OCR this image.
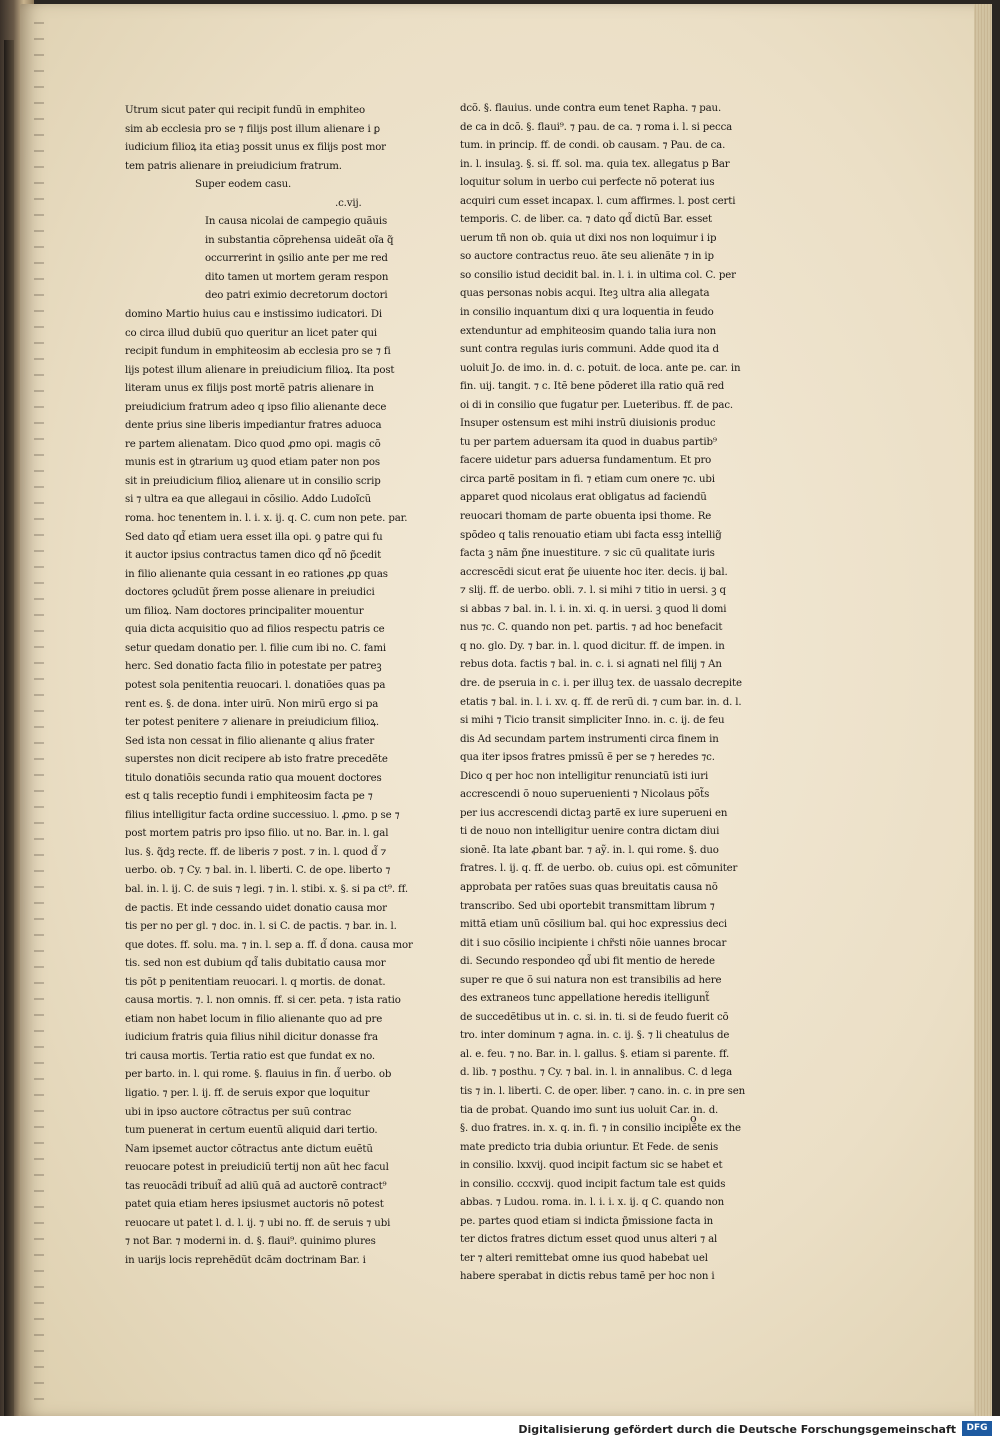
Utrum sicut pater qui recipit fundũ in emphiteo
sim ab ecclesia pro se ⁊ filijs post illum alienare i ꝑ
iudicium filioꝝ ita etiaꝫ possit unus ex filijs post mor
tem patris alienare in preiudicium fratrum.
Super eodem casu.
.c.vij.
In causa nicolai de campegio quãuis
in substantia cõprehensa uideãt oĩa q̃
occurrerint in ꝯsilio ante per me red
dito tamen ut mortem geram respon
deo patri eximio decretorum doctori
domino Martio huius cau e instissimo iudicatori. Di
co circa illud dubiũ quo queritur an licet pater qui
recipit fundum in emphiteosim ab ecclesia pro se ⁊ fi
lijs potest illum alienare in preiudicium filioꝝ. Ita post
literam unus ex filijs post mortẽ patris alienare in
preiudicium fratrum adeo q ipso filio alienante dece
dente prius sine liberis impediantur fratres aduoca
re partem alienatam. Dico quod ꝓmo opi. magis cõ
munis est in ꝯtrarium uꝫ quod etiam pater non pos
sit in preiudicium filioꝝ alienare ut in consilio scrip
si ⁊ ultra ea que allegaui in cõsilio. Addo Ludoĩcũ
roma. hoc tenentem in. l. i. x. ij. q. C. cum non pete. par.
Sed dato qd̃ etiam uera esset illa opi. ꝯ patre qui fu
it auctor ipsius contractus tamen dico qd̃ nõ p̃cedit
in filio alienante quia cessant in eo rationes ꝓp quas
doctores ꝯcludũt p̃rem posse alienare in preiudici
um filioꝝ. Nam doctores principaliter mouentur
quia dicta acquisitio quo ad filios respectu patris ce
setur quedam donatio per. l. filie cum ibi no. C. fami
herc. Sed donatio facta filio in potestate per patreꝫ
potest sola penitentia reuocari. l. donatiões quas pa
rent es. §. de dona. inter uirũ. Non mirũ ergo si pa
ter potest penitere ⁊ alienare in preiudicium filioꝝ.
Sed ista non cessat in filio alienante q alius frater
superstes non dicit recipere ab isto fratre precedẽte
titulo donatiõis secunda ratio qua mouent doctores
est q talis receptio fundi i emphiteosim facta pe ⁊
filius intelligitur facta ordine successiuo. l. ꝓmo. p se ⁊
post mortem patris pro ipso filio. ut no. Bar. in. l. gal
lus. §. q̃dꝫ recte. ff. de liberis ⁊ post. ⁊ in. l. quod d̃ ⁊
uerbo. ob. ⁊ Cy. ⁊ bal. in. l. liberti. C. de ope. liberto ⁊
bal. in. l. ij. C. de suis ⁊ legi. ⁊ in. l. stibi. x. §. si pa ct⁹. ff.
de pactis. Et inde cessando uidet donatio causa mor
tis per no per gl. ⁊ doc. in. l. si C. de pactis. ⁊ bar. in. l.
que dotes. ff. solu. ma. ⁊ in. l. sep a. ff. d̃ dona. causa mor
tis. sed non est dubium qd̃ talis dubitatio causa mor
tis põt p penitentiam reuocari. l. q mortis. de donat.
causa mortis. ⁊. l. non omnis. ff. si cer. peta. ⁊ ista ratio
etiam non habet locum in filio alienante quo ad pre
iudicium fratris quia filius nihil dicitur donasse fra
tri causa mortis. Tertia ratio est que fundat ex no.
per barto. in. l. qui rome. §. flauius in fin. d̃ uerbo. ob
ligatio. ⁊ per. l. ij. ff. de seruis expor que loquitur
ubi in ipso auctore cõtractus per suũ contrac
tum puenerat in certum euentũ aliquid dari tertio.
Nam ipsemet auctor cõtractus ante dictum euẽtũ
reuocare potest in preiudiciũ tertij non aũt hec facul
tas reuocãdi tribuit̃ ad aliũ quã ad auctorẽ contract⁹
patet quia etiam heres ipsiusmet auctoris nõ potest
reuocare ut patet l. d. l. ij. ⁊ ubi no. ff. de seruis ⁊ ubi
⁊ not Bar. ⁊ moderni in. d. §. flaui⁹. quinimo plures
in uarijs locis reprehẽdũt dcãm doctrinam Bar. i
dcõ. §. flauius. unde contra eum tenet Rapha. ⁊ pau.
de ca in dcõ. §. flaui⁹. ⁊ pau. de ca. ⁊ roma i. l. si pecca
tum. in princip. ff. de condi. ob causam. ⁊ Pau. de ca.
in. l. insulaꝫ. §. si. ff. sol. ma. quia tex. allegatus p Bar
loquitur solum in uerbo cui perfecte nõ poterat ius
acquiri cum esset incapax. l. cum affirmes. l. post certi
temporis. C. de liber. ca. ⁊ dato qd̃ dictũ Bar. esset
uerum tñ non ob. quia ut dixi nos non loquimur i ip
so auctore contractus reuo. ãte seu alienãte ⁊ in ip
so consilio istud decidit bal. in. l. i. in ultima col. C. per
quas personas nobis acqui. Iteꝫ ultra alia allegata
in consilio inquantum dixi q ura loquentia in feudo
extenduntur ad emphiteosim quando talia iura non
sunt contra regulas iuris communi. Adde quod ita d
uoluit Jo. de imo. in. d. c. potuit. de loca. ante pe. car. in
fin. uij. tangit. ⁊ c. Itẽ bene põderet illa ratio quã red
oi di in consilio que fugatur per. Lueteribus. ff. de pac.
Insuper ostensum est mihi instrũ diuisionis produc
tu per partem aduersam ita quod in duabus partib⁹
facere uidetur pars aduersa fundamentum. Et pro
circa partẽ positam in fi. ⁊ etiam cum onere ⁊c. ubi
apparet quod nicolaus erat obligatus ad faciendũ
reuocari thomam de parte obuenta ipsi thome. Re
spõdeo q talis renouatio etiam ubi facta essꝫ intellig̃
facta ꝫ nãm p̃ne inuestiture. ⁊ sic cũ qualitate iuris
accrescẽdi sicut erat p̃e uiuente hoc iter. decis. ij bal.
⁊ slij. ff. de uerbo. obli. ⁊. l. si mihi ⁊ titio in uersi. ꝫ q
si abbas ⁊ bal. in. l. i. in. xi. q. in uersi. ꝫ quod li domi
nus ⁊c. C. quando non pet. partis. ⁊ ad hoc benefacit
q no. glo. Dy. ⁊ bar. in. l. quod dicitur. ff. de impen. in
rebus dota. factis ⁊ bal. in. c. i. si agnati nel filij ⁊ An
dre. de pseruia in c. i. per illuꝫ tex. de uassalo decrepite
etatis ⁊ bal. in. l. i. xv. q. ff. de rerũ di. ⁊ cum bar. in. d. l.
si mihi ⁊ Ticio transit simpliciter Inno. in. c. ij. de feu
dis Ad secundam partem instrumenti circa finem in
qua iter ipsos fratres pmissũ ẽ per se ⁊ heredes ⁊c.
Dico q per hoc non intelligitur renunciatũ isti iuri
accrescendi õ nouo superuenienti ⁊ Nicolaus põt̃s
per ius accrescendi dictaꝫ partẽ ex iure superueni en
ti de nouo non intelligitur uenire contra dictam diui
sionẽ. Ita late ꝓbant bar. ⁊ aỹ. in. l. qui rome. §. duo
fratres. l. ij. q. ff. de uerbo. ob. cuius opi. est cõmuniter
approbata per ratões suas quas breuitatis causa nõ
transcribo. Sed ubi oportebit transmittam librum ⁊
mittã etiam unũ cõsilium bal. qui hoc expressius deci
dit i suo cõsilio incipiente i chr̃sti nõie uannes brocar
di. Secundo respondeo qd̃ ubi fit mentio de herede
super re que õ sui natura non est transibilis ad here
des extraneos tunc appellatione heredis itelligunt̃
de succedẽtibus ut in. c. si. in. ti. si de feudo fuerit cõ
tro. inter dominum ⁊ agna. in. c. ij. §. ⁊ li cheatulus de
al. e. feu. ⁊ no. Bar. in. l. gallus. §. etiam si parente. ff.
d. lib. ⁊ posthu. ⁊ Cy. ⁊ bal. in. l. in annalibus. C. d lega
tis ⁊ in. l. liberti. C. de oper. liber. ⁊ cano. in. c. in pre sen
tia de probat. Quando imo sunt ius uoluit Car. in. d.
§. duo fratres. in. x. q. in. fi. ⁊ in consilio incipiẽte ex the
mate predicto tria dubia oriuntur. Et Fede. de senis
in consilio. lxxvij. quod incipit factum sic se habet et
in consilio. cccxvij. quod incipit factum tale est quids
abbas. ⁊ Ludou. roma. in. l. i. i. x. ij. q C. quando non
pe. partes quod etiam si indicta p̃missione facta in
ter dictos fratres dictum esset quod unus alteri ⁊ al
ter ⁊ alteri remittebat omne ius quod habebat uel
habere sperabat in dictis rebus tamẽ per hoc non i
o
Digitalisierung gefördert durch die Deutsche Forschungsgemeinschaft	DFG
